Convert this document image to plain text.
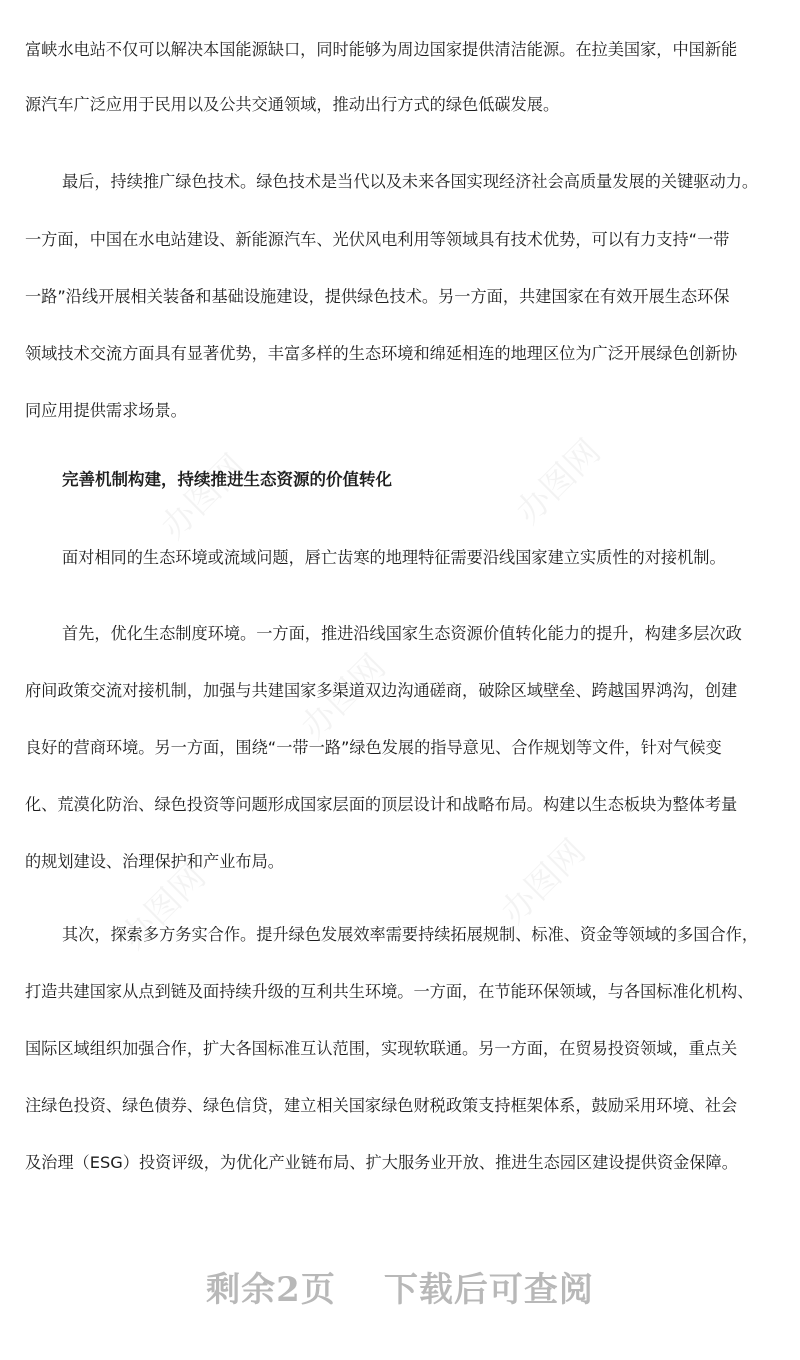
富峡水电站不仅可以解决本国能源缺口，同时能够为周边国家提供清洁能源。在拉美国家，中国新能
源汽车广泛应用于民用以及公共交通领域，推动出行方式的绿色低碳发展。
最后，持续推广绿色技术。绿色技术是当代以及未来各国实现经济社会高质量发展的关键驱动力。
一方面，中国在水电站建设、新能源汽车、光伏风电利用等领域具有技术优势，可以有力支持“一带
一路”沿线开展相关装备和基础设施建设，提供绿色技术。另一方面，共建国家在有效开展生态环保
领域技术交流方面具有显著优势，丰富多样的生态环境和绵延相连的地理区位为广泛开展绿色创新协
同应用提供需求场景。
完善机制构建，持续推进生态资源的价值转化
面对相同的生态环境或流域问题，唇亡齿寒的地理特征需要沿线国家建立实质性的对接机制。
首先，优化生态制度环境。一方面，推进沿线国家生态资源价值转化能力的提升，构建多层次政
府间政策交流对接机制，加强与共建国家多渠道双边沟通磋商，破除区域壁垒、跨越国界鸿沟，创建
良好的营商环境。另一方面，围绕“一带一路”绿色发展的指导意见、合作规划等文件，针对气候变
化、荒漠化防治、绿色投资等问题形成国家层面的顶层设计和战略布局。构建以生态板块为整体考量
的规划建设、治理保护和产业布局。
其次，探索多方务实合作。提升绿色发展效率需要持续拓展规制、标准、资金等领域的多国合作，
打造共建国家从点到链及面持续升级的互利共生环境。一方面，在节能环保领域，与各国标准化机构、
国际区域组织加强合作，扩大各国标准互认范围，实现软联通。另一方面，在贸易投资领域，重点关
注绿色投资、绿色债券、绿色信贷，建立相关国家绿色财税政策支持框架体系，鼓励采用环境、社会
及治理（ESG）投资评级，为优化产业链布局、扩大服务业开放、推进生态园区建设提供资金保障。
剩余2页 下载后可查阅
